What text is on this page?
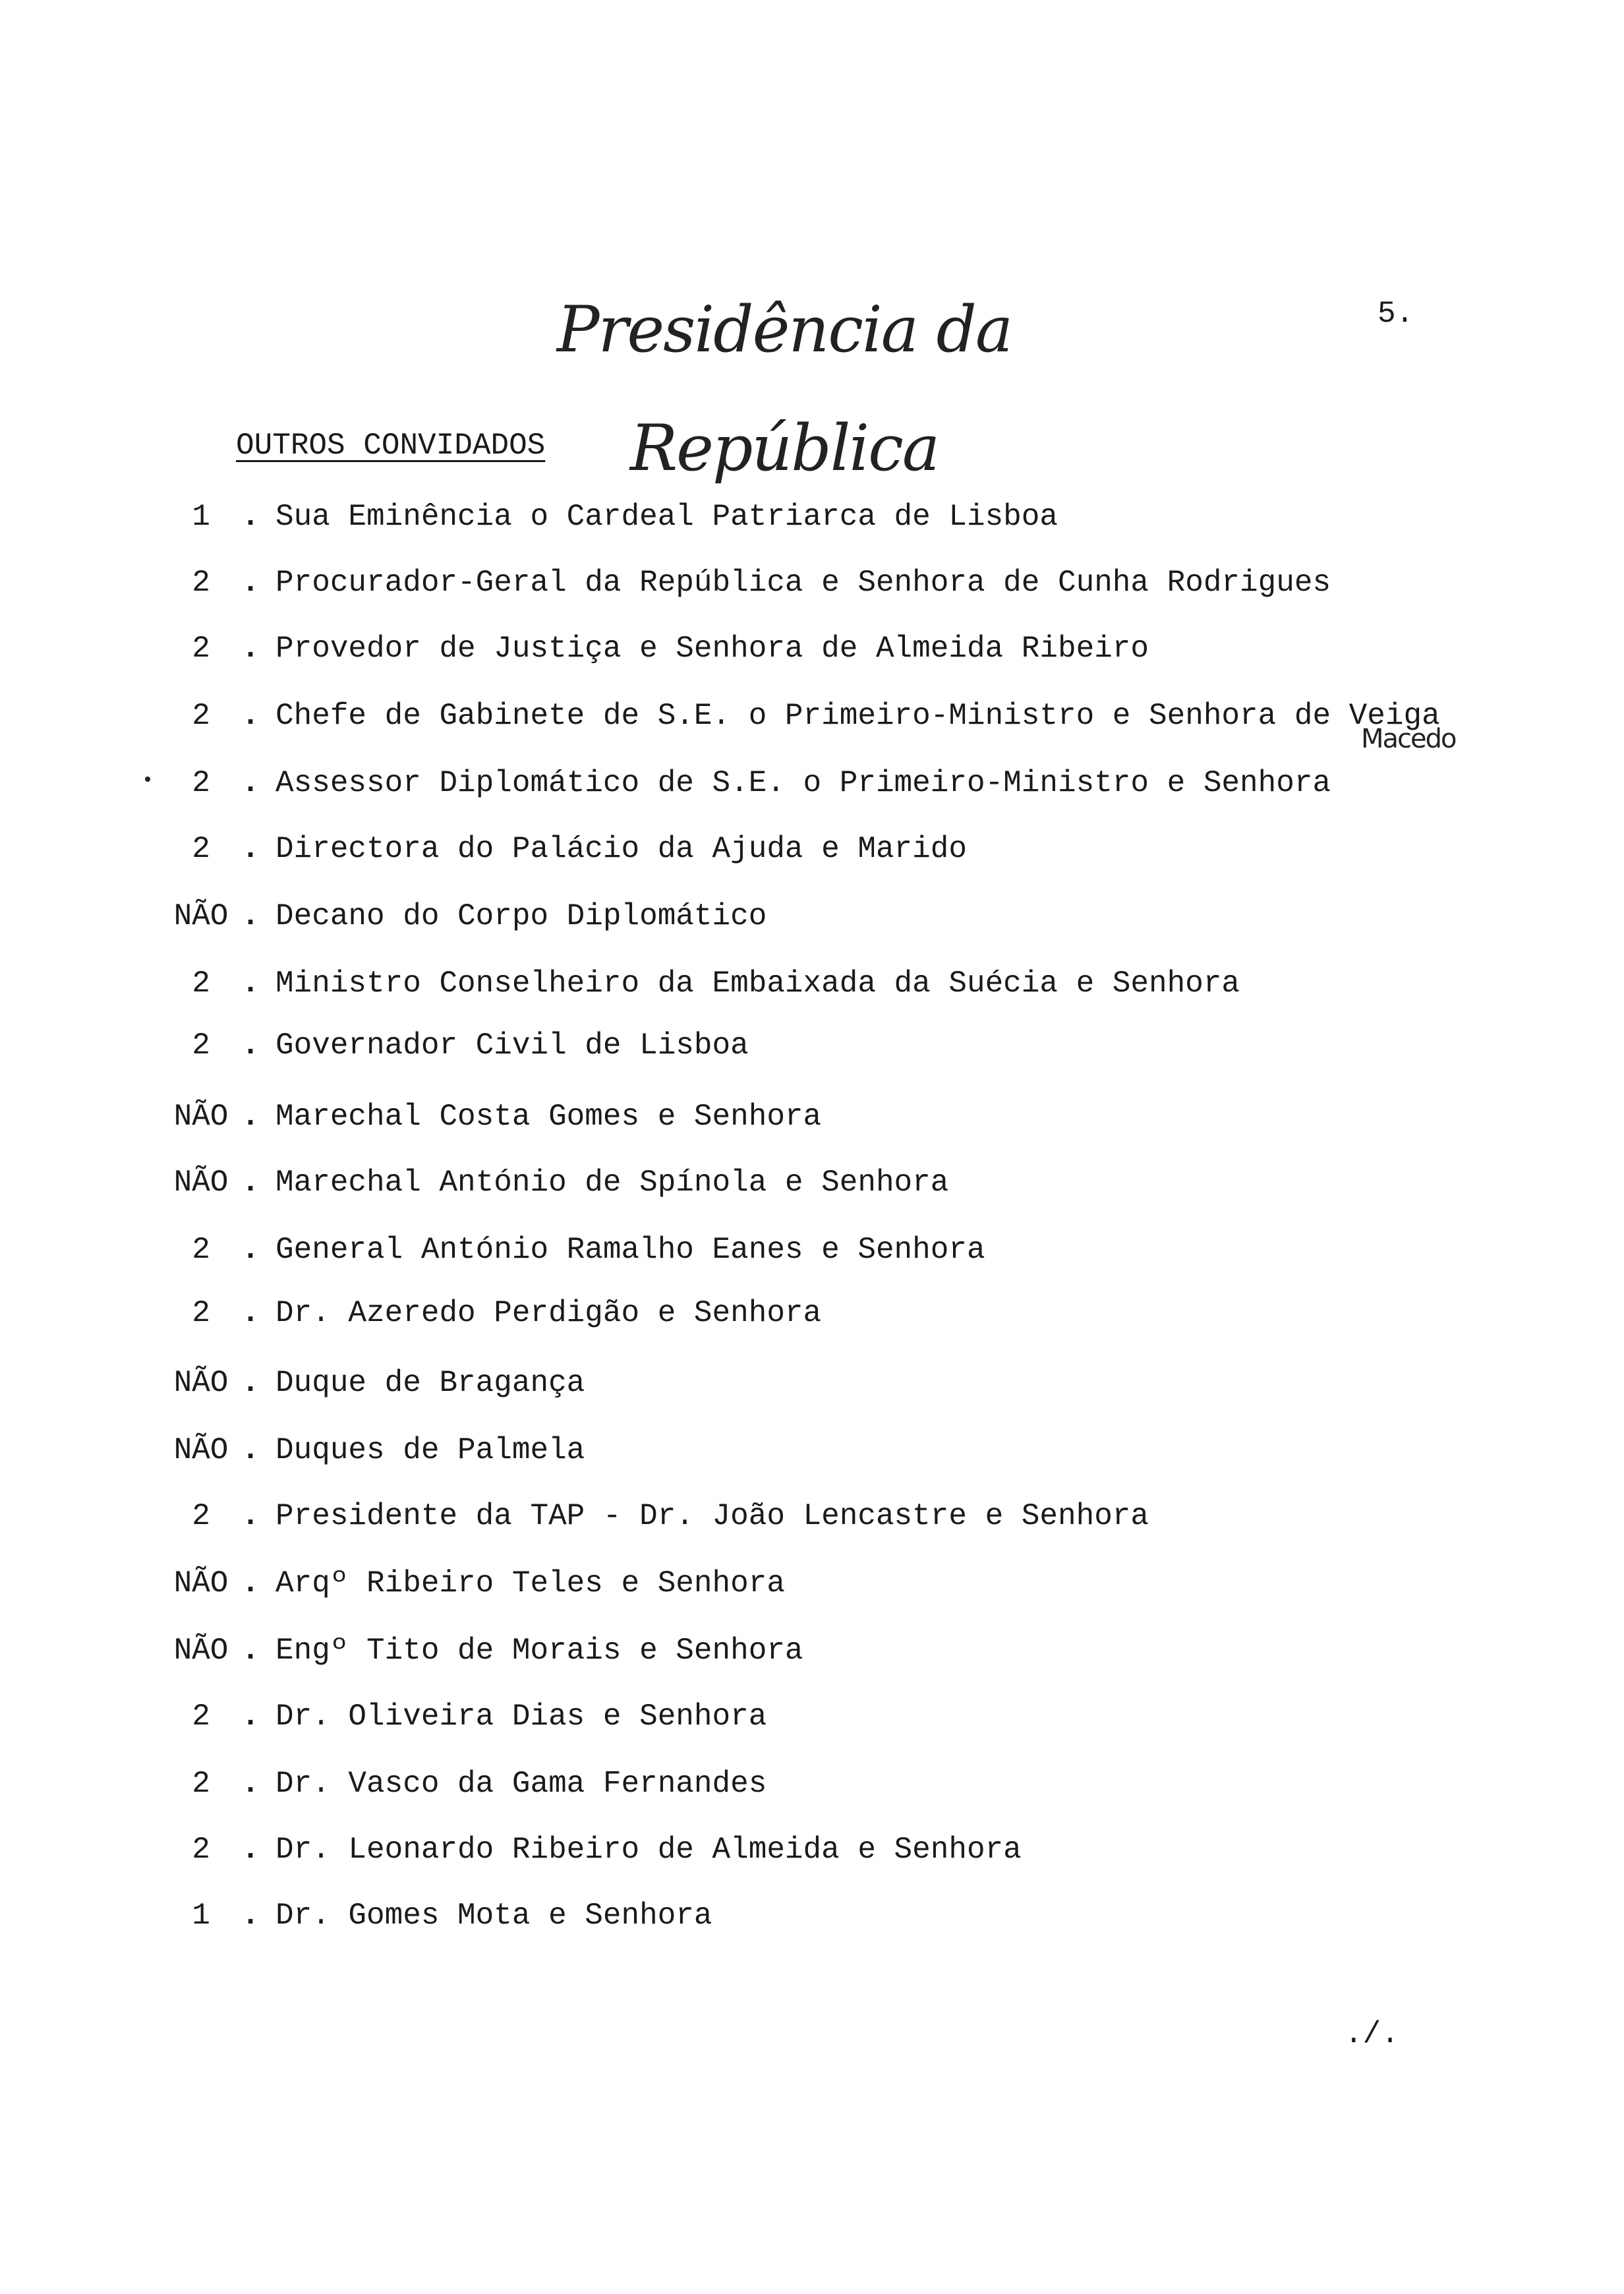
Presidência da República
5.
OUTROS CONVIDADOS
1	. Sua Eminência o Cardeal Patriarca de Lisboa
2	. Procurador-Geral da República e Senhora de Cunha Rodrigues
2	. Provedor de Justiça e Senhora de Almeida Ribeiro
2	. Chefe de Gabinete de S.E. o Primeiro-Ministro e Senhora de Veiga
Macedo
2	. Assessor Diplomático de S.E. o Primeiro-Ministro e Senhora
2	. Directora do Palácio da Ajuda e Marido
NÃO . Decano do Corpo Diplomático
2	. Ministro Conselheiro da Embaixada da Suécia e Senhora
2	. Governador Civil de Lisboa
NÃO . Marechal Costa Gomes e Senhora
NÃO . Marechal António de Spínola e Senhora
2	. General António Ramalho Eanes e Senhora
2	. Dr. Azeredo Perdigão e Senhora
NÃO . Duque de Bragança
NÃO . Duques de Palmela
2	. Presidente da TAP - Dr. João Lencastre e Senhora
NÃO . Arqº Ribeiro Teles e Senhora
NÃO . Engº Tito de Morais e Senhora
2	. Dr. Oliveira Dias e Senhora
2	. Dr. Vasco da Gama Fernandes
2	. Dr. Leonardo Ribeiro de Almeida e Senhora
1	. Dr. Gomes Mota e Senhora
./.
